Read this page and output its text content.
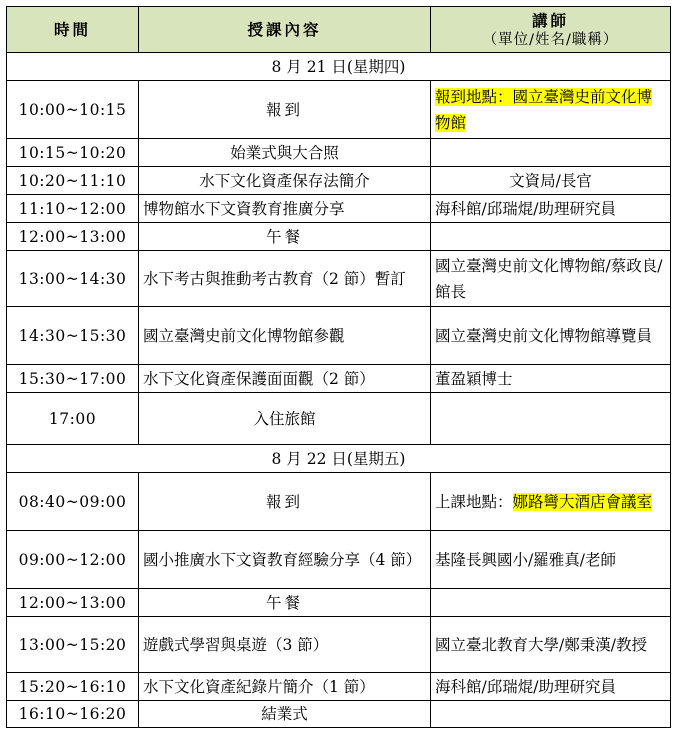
時間	授課內容	講師
（單位/姓名/職稱）

8 月 21 日(星期四)		
10:00~10:15	報到	報到地點：國立臺灣史前文化博物館
10:15~10:20	始業式與大合照	
10:20~11:10	水下文化資產保存法簡介	文資局/長官
11:10~12:00	博物館水下文資教育推廣分享	海科館/邱瑞焜/助理研究員
12:00~13:00	午餐	
13:00~14:30	水下考古與推動考古教育（2 節）暫訂	國立臺灣史前文化博物館/蔡政良/館長
14:30~15:30	國立臺灣史前文化博物館參觀	國立臺灣史前文化博物館導覽員
15:30~17:00	水下文化資產保護面面觀（2 節）	董盈穎博士
17:00	入住旅館	
8 月 22 日(星期五)		
08:40~09:00	報到	上課地點：娜路彎大酒店會議室
09:00~12:00	國小推廣水下文資教育經驗分享（4 節）	基隆長興國小/羅雅真/老師
12:00~13:00	午餐	
13:00~15:20	遊戲式學習與桌遊（3 節）	國立臺北教育大學/鄭秉漢/教授
15:20~16:10	水下文化資產紀錄片簡介（1 節）	海科館/邱瑞焜/助理研究員
16:10~16:20	結業式	
